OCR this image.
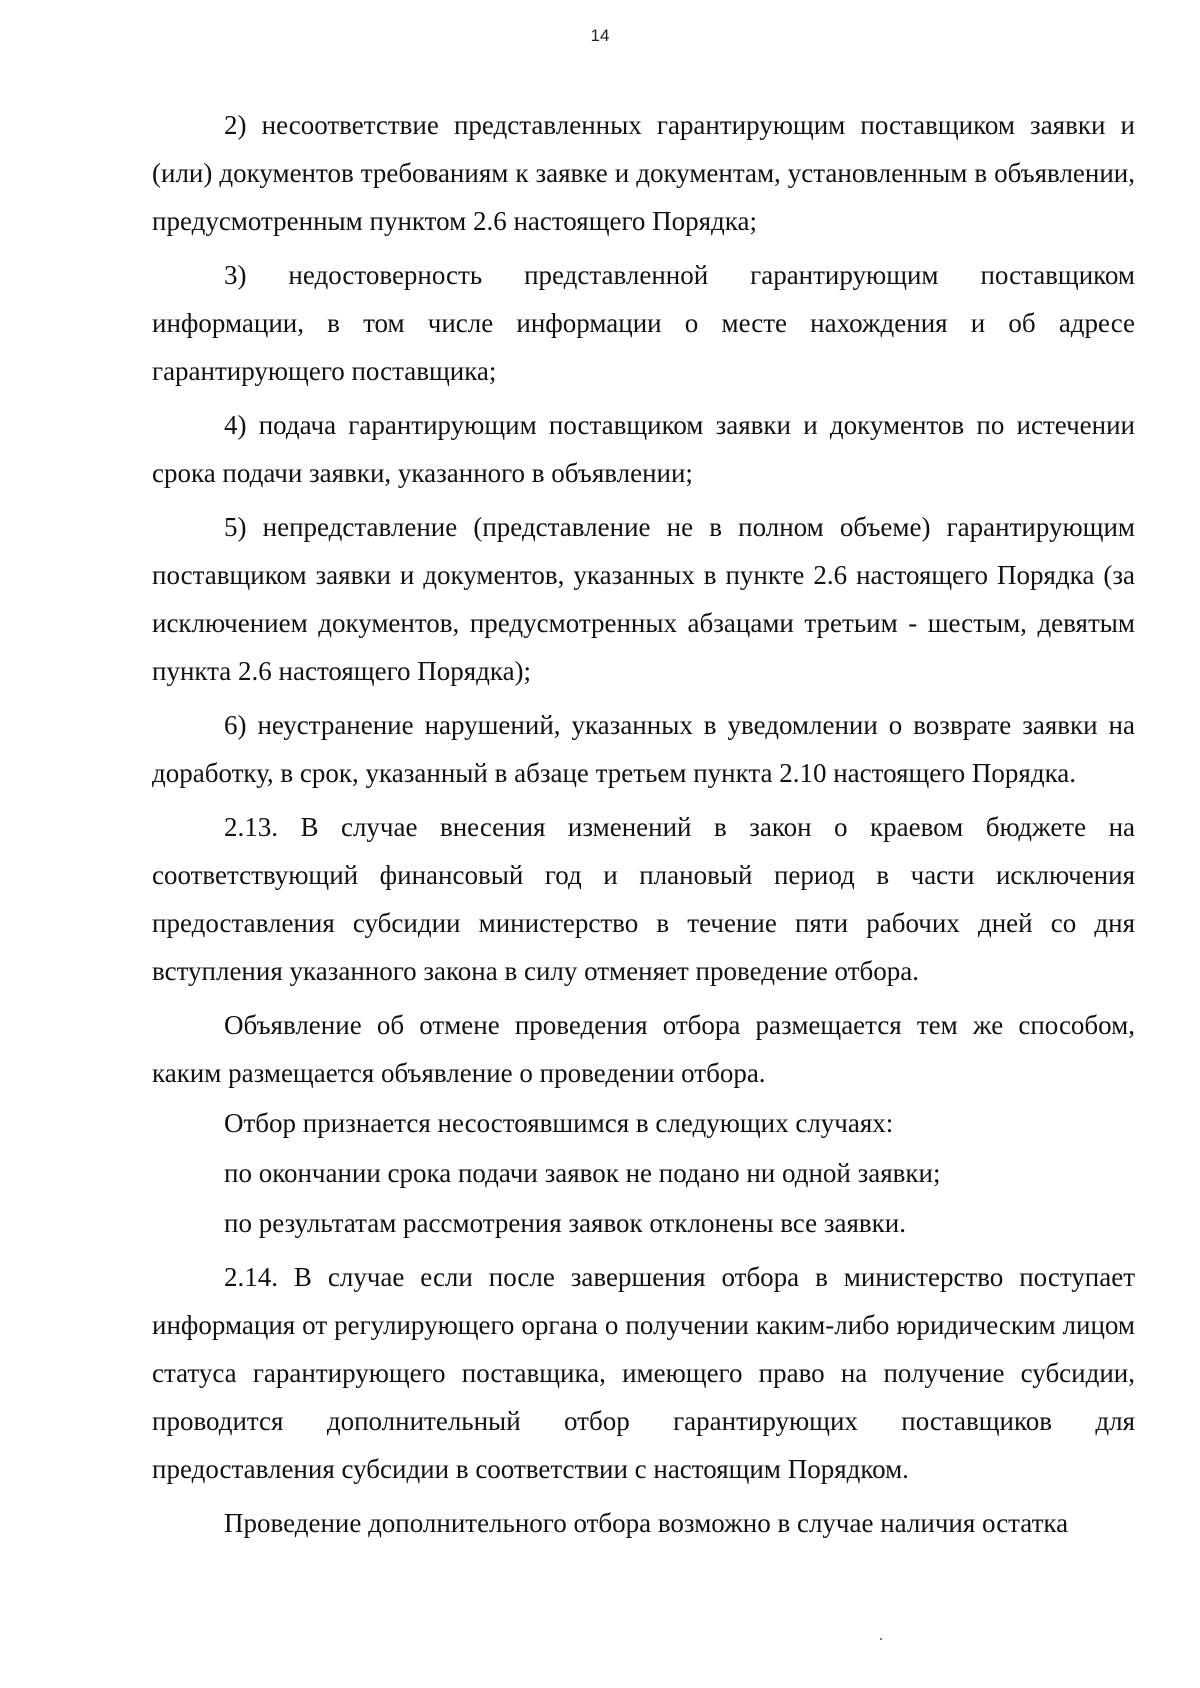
14

2) несоответствие представленных гарантирующим поставщиком заявки и (или) документов требованиям к заявке и документам, установленным в объявлении, предусмотренным пунктом 2.6 настоящего Порядка;

3) недостоверность представленной гарантирующим поставщиком информации, в том числе информации о месте нахождения и об адресе гарантирующего поставщика;

4) подача гарантирующим поставщиком заявки и документов по истечении срока подачи заявки, указанного в объявлении;

5) непредставление (представление не в полном объеме) гарантирующим поставщиком заявки и документов, указанных в пункте 2.6 настоящего Порядка (за исключением документов, предусмотренных абзацами третьим - шестым, девятым пункта 2.6 настоящего Порядка);

6) неустранение нарушений, указанных в уведомлении о возврате заявки на доработку, в срок, указанный в абзаце третьем пункта 2.10 настоящего Порядка.

2.13. В случае внесения изменений в закон о краевом бюджете на соответствующий финансовый год и плановый период в части исключения предоставления субсидии министерство в течение пяти рабочих дней со дня вступления указанного закона в силу отменяет проведение отбора.

Объявление об отмене проведения отбора размещается тем же способом, каким размещается объявление о проведении отбора.

Отбор признается несостоявшимся в следующих случаях:

по окончании срока подачи заявок не подано ни одной заявки;

по результатам рассмотрения заявок отклонены все заявки.

2.14. В случае если после завершения отбора в министерство поступает информация от регулирующего органа о получении каким-либо юридическим лицом статуса гарантирующего поставщика, имеющего право на получение субсидии, проводится дополнительный отбор гарантирующих поставщиков для предоставления субсидии в соответствии с настоящим Порядком.

Проведение дополнительного отбора возможно в случае наличия остатка
